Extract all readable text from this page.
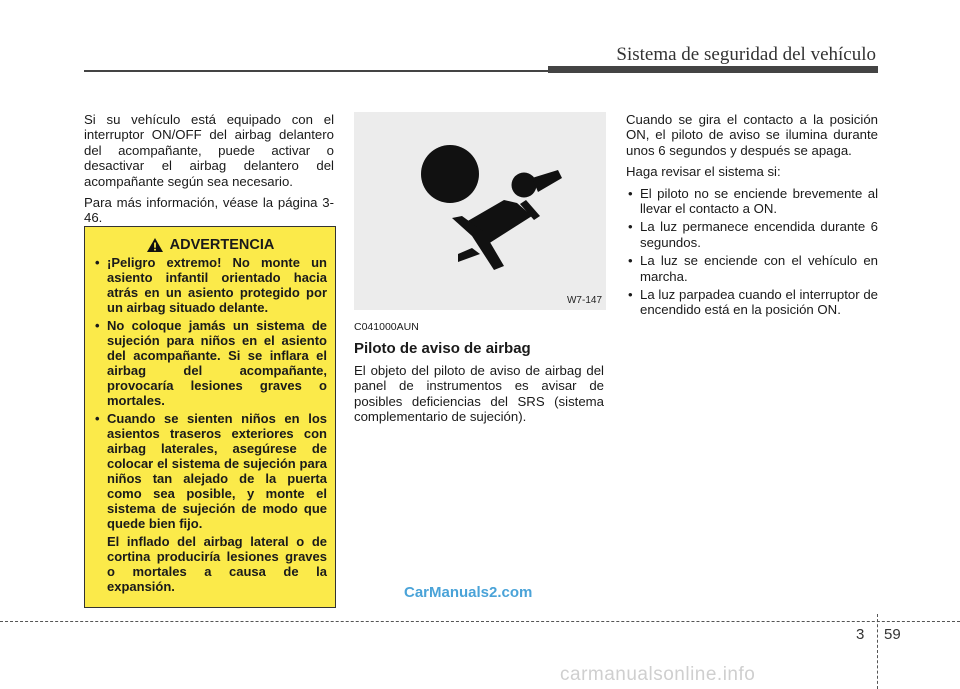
Sistema de seguridad del vehículo

Si su vehículo está equipado con el interruptor ON/OFF del airbag delantero del acompañante, puede activar o desactivar el airbag delantero del acompañante según sea necesario.

Para más información, véase la página 3-46.

ADVERTENCIA
• ¡Peligro extremo! No monte un asiento infantil orientado hacia atrás en un asiento protegido por un airbag situado delante.
• No coloque jamás un sistema de sujeción para niños en el asiento del acompañante. Si se inflara el airbag del acompañante, provocaría lesiones graves o mortales.
• Cuando se sienten niños en los asientos traseros exteriores con airbag laterales, asegúrese de colocar el sistema de sujeción para niños tan alejado de la puerta como sea posible, y monte el sistema de sujeción de modo que quede bien fijo.

El inflado del airbag lateral o de cortina produciría lesiones graves o mortales a causa de la expansión.

W7-147

C041000AUN

Piloto de aviso de airbag

El objeto del piloto de aviso de airbag del panel de instrumentos es avisar de posibles deficiencias del SRS (sistema complementario de sujeción).

Cuando se gira el contacto a la posición ON, el piloto de aviso se ilumina durante unos 6 segundos y después se apaga.

Haga revisar el sistema si:

• El piloto no se enciende brevemente al llevar el contacto a ON.
• La luz permanece encendida durante 6 segundos.
• La luz se enciende con el vehículo en marcha.
• La luz parpadea cuando el interruptor de encendido está en la posición ON.
CarManuals2.com
3 59
carmanualsonline.info
